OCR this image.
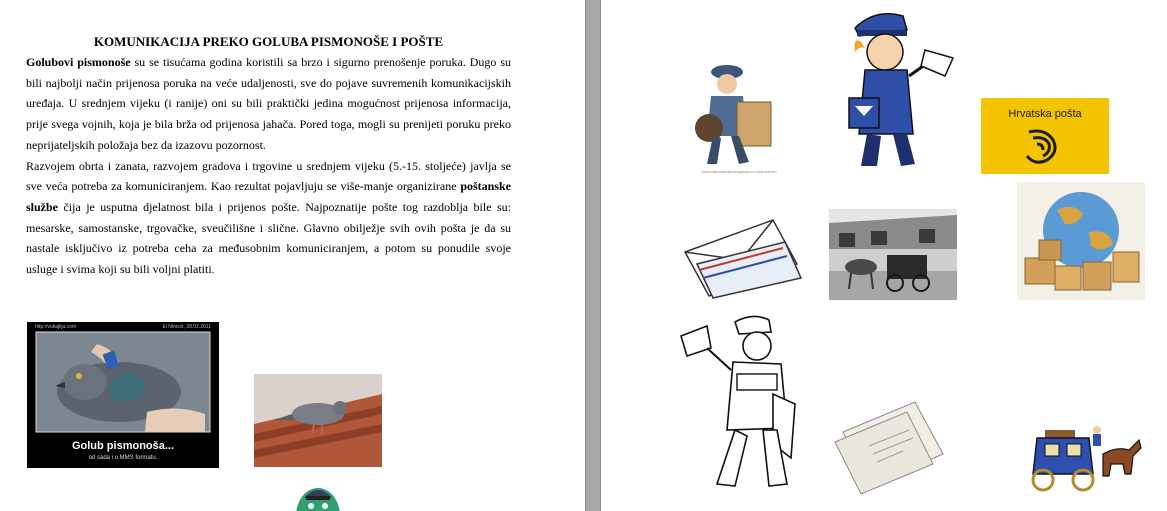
KOMUNIKACIJA PREKO GOLUBA PISMONOŠE I POŠTE
Golubovi pismonoše su se tisućama godina koristili sa brzo i sigurno prenošenje poruka. Dugo su bili najbolji način prijenosa poruka na veće udaljenosti, sve do pojave suvremenih komunikacijskih uređaja. U srednjem vijeku (i ranije) oni su bili praktički jedina mogućnost prijenosa informacija, prije svega vojnih, koja je bila brža od prijenosa jahača. Pored toga, mogli su prenijeti poruku preko neprijateljskih položaja bez da izazovu pozornost.
Razvojem obrta i zanata, razvojem gradova i trgovine u srednjem vijeku (5.-15. stoljeće) javlja se sve veća potreba za komuniciranjem. Kao rezultat pojavljuju se više-manje organizirane poštanske službe čija je usputna djelatnost bila i prijenos pošte. Najpoznatije pošte tog razdoblja bile su: mesarske, samostanske, trgovačke, sveučilišne i slične. Glavno obilježje svih ovih pošta je da su nastale isključivo iz potreba ceha za međusobnim komuniciranjem, a potom su ponudile svoje usluge i svima koji su bili voljni platiti.
http://vukajlija.com	El Nincoš, 28.02.2011
Golub pismonoša...
od sada i u MMS formatu.
www.tatjaniepotpomaganja.co.yu/postmen
Hrvatska pošta
